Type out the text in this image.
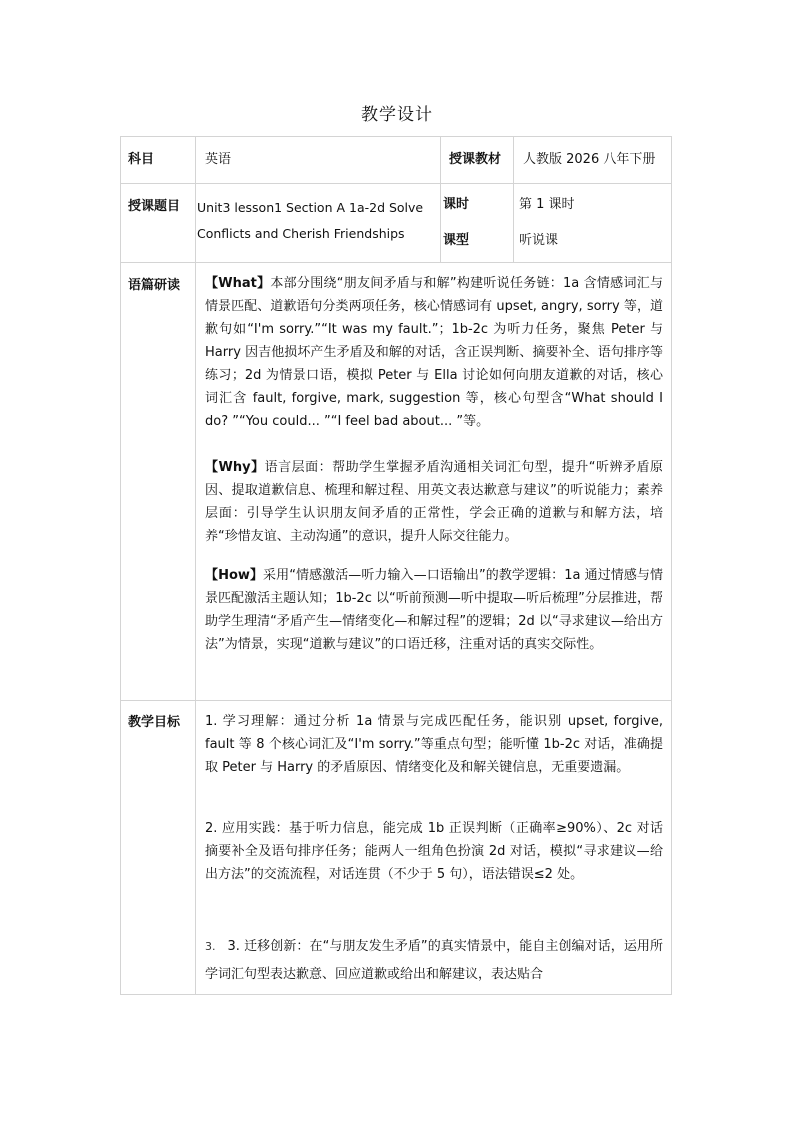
教学设计
科目	英语	授课教材 人教版 2026 八年下册
授课题目 Unit3 lesson1 Section A 1a-2d Solve
Conflicts and Cherish Friendships
课时	第 1 课时
课型	听说课
语篇研读 【What】本部分围绕“朋友间矛盾与和解”构建听说任务链：1a 含情感词汇与情景匹配、道歉语句分类两项任务，核心情感词有 upset, angry, sorry 等，道歉句如“I'm sorry.”“It was my fault.”；1b-2c 为听力任务，聚焦 Peter 与 Harry 因吉他损坏产生矛盾及和解的对话，含正误判断、摘要补全、语句排序等练习；2d 为情景口语，模拟 Peter 与 Ella 讨论如何向朋友道歉的对话，核心词汇含 fault, forgive, mark, suggestion 等，核心句型含“What should I do? ”“You could... ”“I feel bad about... ”等。
【Why】语言层面：帮助学生掌握矛盾沟通相关词汇句型，提升“听辨矛盾原因、提取道歉信息、梳理和解过程、用英文表达歉意与建议”的听说能力；素养层面：引导学生认识朋友间矛盾的正常性，学会正确的道歉与和解方法，培养“珍惜友谊、主动沟通”的意识，提升人际交往能力。
【How】采用“情感激活—听力输入—口语输出”的教学逻辑：1a 通过情感与情景匹配激活主题认知；1b-2c 以“听前预测—听中提取—听后梳理”分层推进，帮助学生理清“矛盾产生—情绪变化—和解过程”的逻辑；2d 以“寻求建议—给出方法”为情景，实现“道歉与建议”的口语迁移，注重对话的真实交际性。
教学目标 1. 学习理解：通过分析 1a 情景与完成匹配任务，能识别 upset, forgive, fault 等 8 个核心词汇及“I'm sorry.”等重点句型；能听懂 1b-2c 对话，准确提取 Peter 与 Harry 的矛盾原因、情绪变化及和解关键信息，无重要遗漏。
2. 应用实践：基于听力信息，能完成 1b 正误判断（正确率≥90%）、2c 对话摘要补全及语句排序任务；能两人一组角色扮演 2d 对话，模拟“寻求建议—给出方法”的交流流程，对话连贯（不少于 5 句），语法错误≤2 处。
3. 3. 迁移创新：在“与朋友发生矛盾”的真实情景中，能自主创编对话，运用所学词汇句型表达歉意、回应道歉或给出和解建议，表达贴合
